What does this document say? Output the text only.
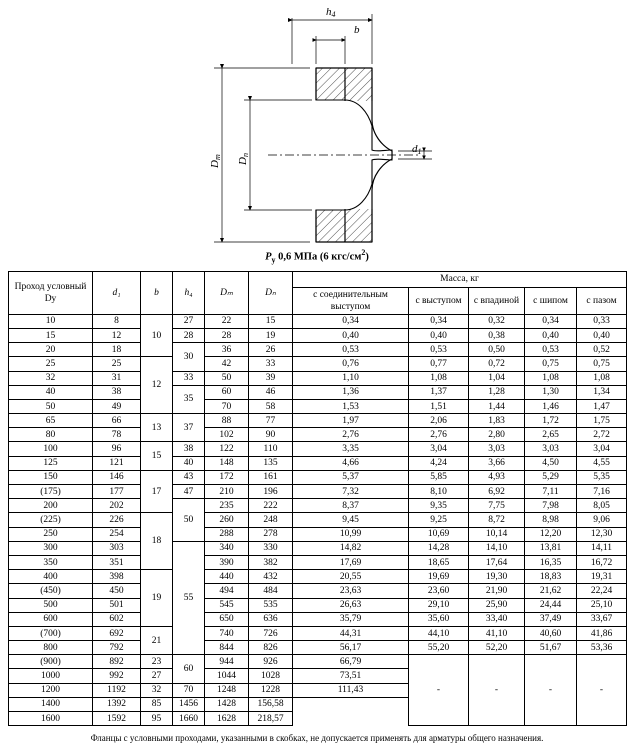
h4
b
Dm Dn
d1
$P_y$ 0,6 МПа (6 кгс/$см^2$)
Проход условный Dу	d₁	b	h₄	Dₘ	Dₙ	Масса, кг				
						с соединительным выступом	с выступом	с впадиной	с шипом	с пазом
10	8	10	27	22	15	0,34	0,34	0,32	0,34	0,33
15	12		28	28	19	0,40	0,40	0,38	0,40	0,40
20	18		30	36	26	0,53	0,53	0,50	0,53	0,52
25	25	12		42	33	0,76	0,77	0,72	0,75	0,75
32	31		33	50	39	1,10	1,08	1,04	1,08	1,08
40	38		35	60	46	1,36	1,37	1,28	1,30	1,34
50	49			70	58	1,53	1,51	1,44	1,46	1,47
65	66	13	37	88	77	1,97	2,06	1,83	1,72	1,75
80	78			102	90	2,76	2,76	2,80	2,65	2,72
100	96	15	38	122	110	3,35	3,04	3,03	3,03	3,04
125	121		40	148	135	4,66	4,24	3,66	4,50	4,55
150	146	17	43	172	161	5,37	5,85	4,93	5,29	5,35
(175)	177		47	210	196	7,32	8,10	6,92	7,11	7,16
200	202		50	235	222	8,37	9,35	7,75	7,98	8,05
(225)	226	18		260	248	9,45	9,25	8,72	8,98	9,06
250	254			288	278	10,99	10,69	10,14	12,20	12,30
300	303		55	340	330	14,82	14,28	14,10	13,81	14,11
350	351			390	382	17,69	18,65	17,64	16,35	16,72
400	398	19		440	432	20,55	19,69	19,30	18,83	19,31
(450)	450			494	484	23,63	23,60	21,90	21,62	22,24
500	501			545	535	26,63	29,10	25,90	24,44	25,10
600	602			650	636	35,79	35,60	33,40	37,49	33,67
(700)	692	21		740	726	44,31	44,10	41,10	40,60	41,86
800	792			844	826	56,17	55,20	52,20	51,67	53,36
(900)	892	23	60	944	926	66,79	-	-	-	-
1000	992	27		1044	1028	73,51				
1200	1192	32	70	1248	1228	111,43				
1400	1392	85	1456	1428	156,58					
1600	1592	95	1660	1628	218,57					
Фланцы с условными проходами, указанными в скобках, не допускается применять для арматуры общего назначения.
